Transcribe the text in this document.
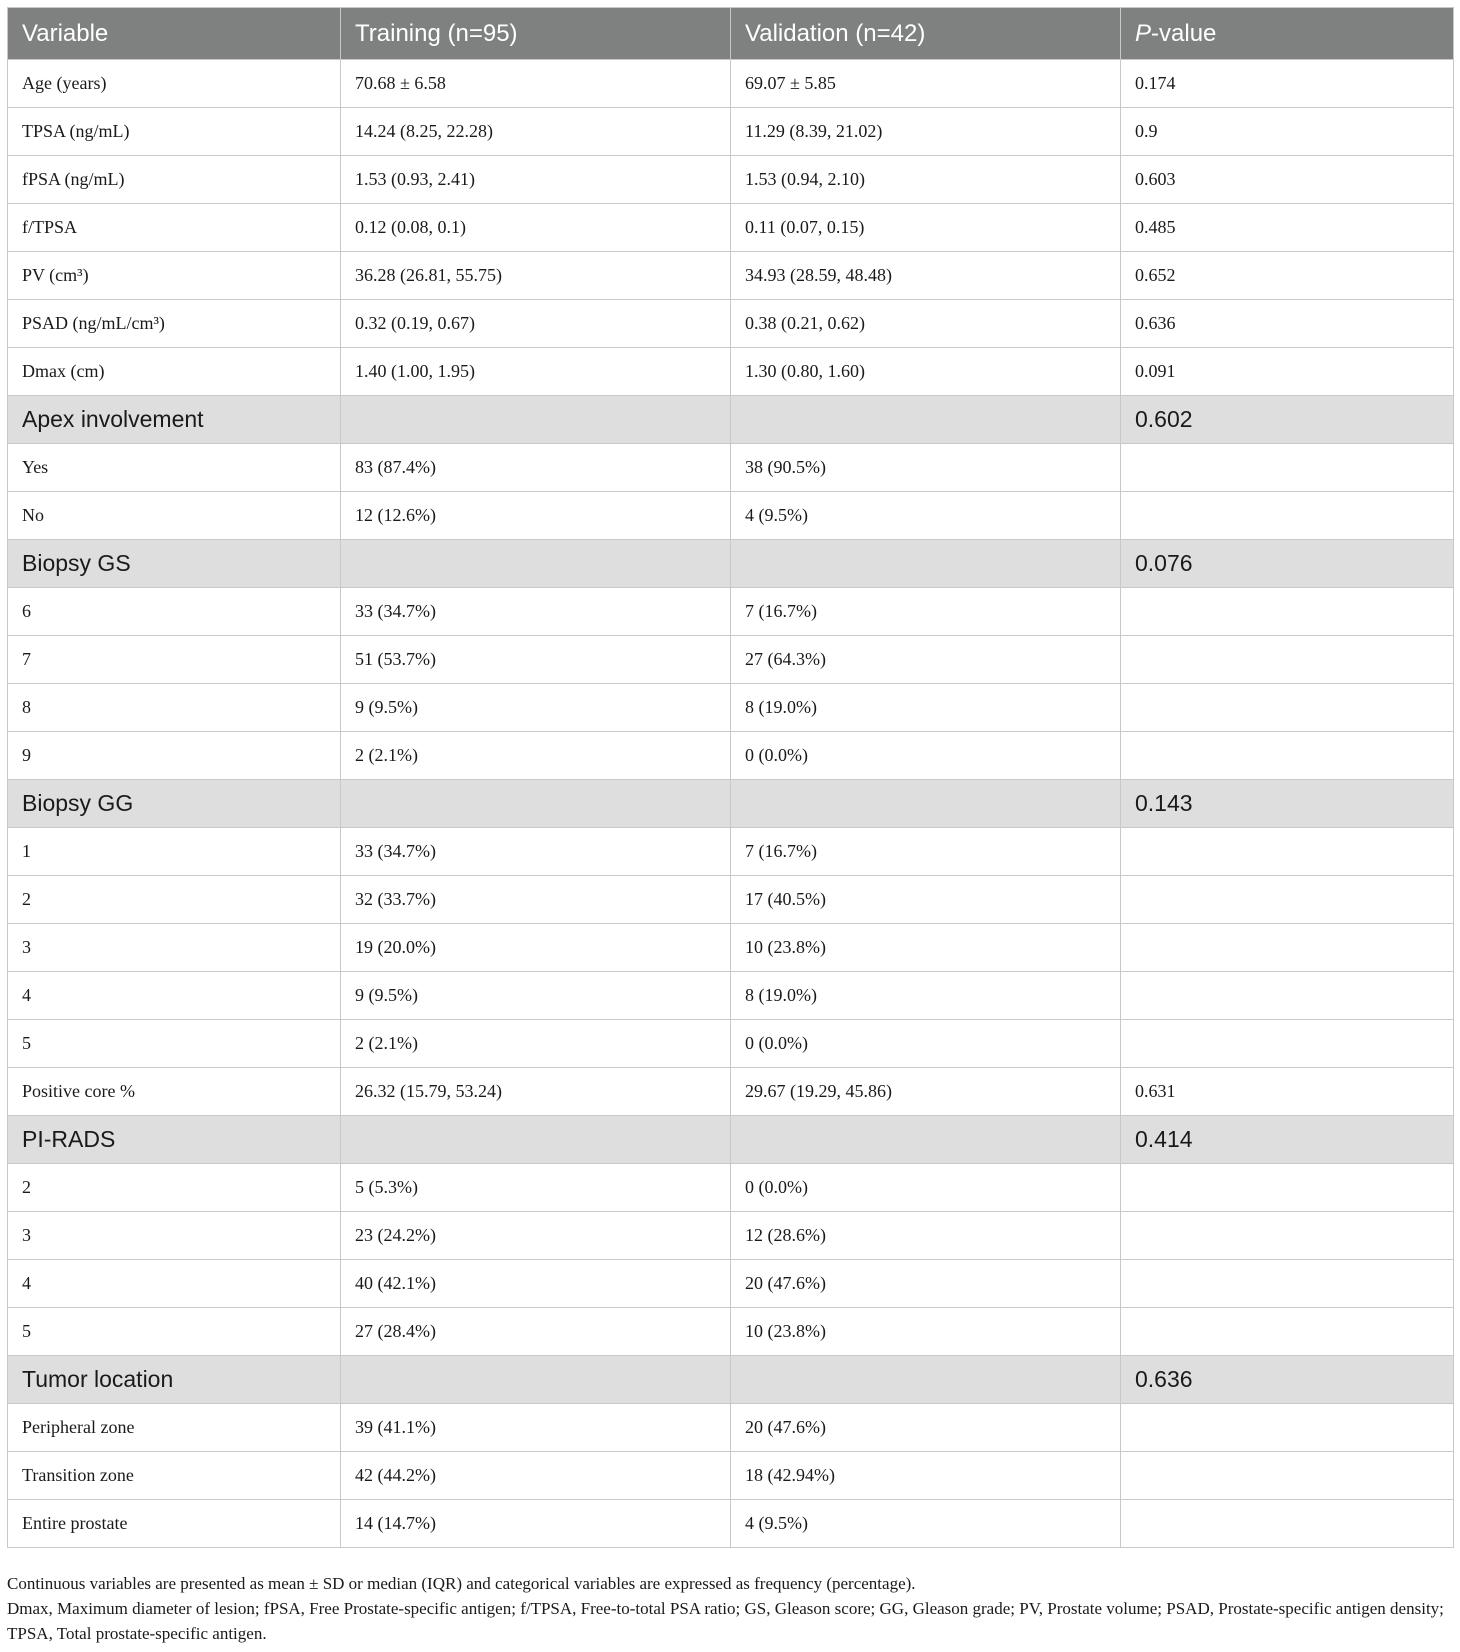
Variable	Training (n=95)	Validation (n=42)	P-value
Age (years)	70.68 ± 6.58	69.07 ± 5.85	0.174
TPSA (ng/mL)	14.24 (8.25, 22.28)	11.29 (8.39, 21.02)	0.9
fPSA (ng/mL)	1.53 (0.93, 2.41)	1.53 (0.94, 2.10)	0.603
f/TPSA	0.12 (0.08, 0.1)	0.11 (0.07, 0.15)	0.485
PV (cm³)	36.28 (26.81, 55.75)	34.93 (28.59, 48.48)	0.652
PSAD (ng/mL/cm³)	0.32 (0.19, 0.67)	0.38 (0.21, 0.62)	0.636
Dmax (cm)	1.40 (1.00, 1.95)	1.30 (0.80, 1.60)	0.091
Apex involvement			0.602
Yes	83 (87.4%)	38 (90.5%)	
No	12 (12.6%)	4 (9.5%)	
Biopsy GS			0.076
6	33 (34.7%)	7 (16.7%)	
7	51 (53.7%)	27 (64.3%)	
8	9 (9.5%)	8 (19.0%)	
9	2 (2.1%)	0 (0.0%)	
Biopsy GG			0.143
1	33 (34.7%)	7 (16.7%)	
2	32 (33.7%)	17 (40.5%)	
3	19 (20.0%)	10 (23.8%)	
4	9 (9.5%)	8 (19.0%)	
5	2 (2.1%)	0 (0.0%)	
Positive core %	26.32 (15.79, 53.24)	29.67 (19.29, 45.86)	0.631
PI-RADS			0.414
2	5 (5.3%)	0 (0.0%)	
3	23 (24.2%)	12 (28.6%)	
4	40 (42.1%)	20 (47.6%)	
5	27 (28.4%)	10 (23.8%)	
Tumor location			0.636
Peripheral zone	39 (41.1%)	20 (47.6%)	
Transition zone	42 (44.2%)	18 (42.94%)	
Entire prostate	14 (14.7%)	4 (9.5%)	

Continuous variables are presented as mean ± SD or median (IQR) and categorical variables are expressed as frequency (percentage).

Dmax, Maximum diameter of lesion; fPSA, Free Prostate-specific antigen; f/TPSA, Free-to-total PSA ratio; GS, Gleason score; GG, Gleason grade; PV, Prostate volume; PSAD, Prostate-specific antigen density; TPSA, Total prostate-specific antigen.
